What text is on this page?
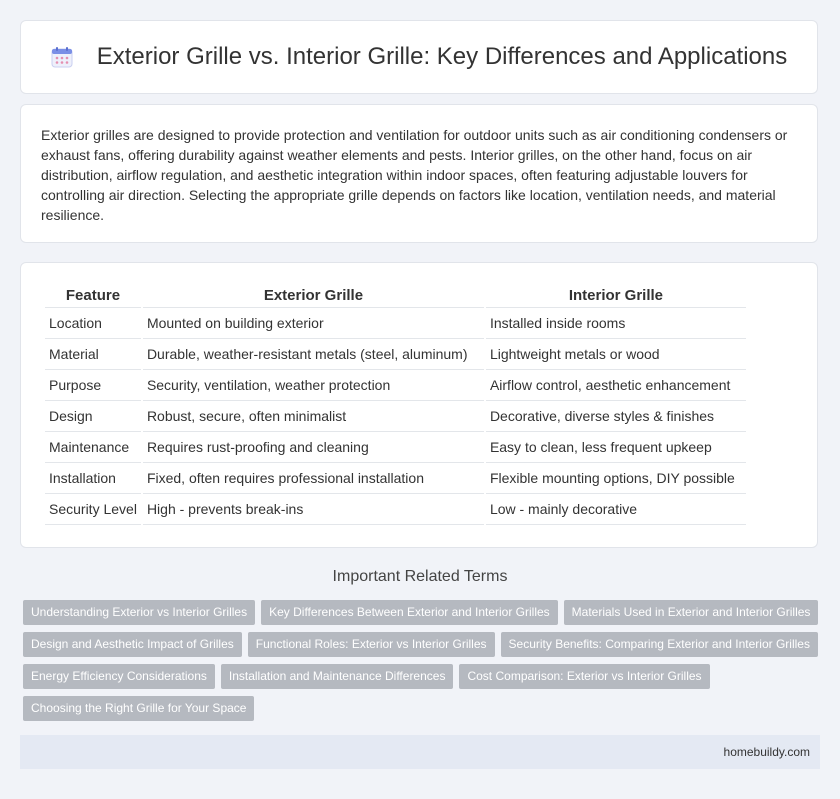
Exterior Grille vs. Interior Grille: Key Differences and Applications

Exterior grilles are designed to provide protection and ventilation for outdoor units such as air conditioning condensers or exhaust fans, offering durability against weather elements and pests. Interior grilles, on the other hand, focus on air distribution, airflow regulation, and aesthetic integration within indoor spaces, often featuring adjustable louvers for controlling air direction. Selecting the appropriate grille depends on factors like location, ventilation needs, and material resilience.

Feature	Exterior Grille	Interior Grille
Location	Mounted on building exterior	Installed inside rooms
Material	Durable, weather-resistant metals (steel, aluminum)	Lightweight metals or wood
Purpose	Security, ventilation, weather protection	Airflow control, aesthetic enhancement
Design	Robust, secure, often minimalist	Decorative, diverse styles & finishes
Maintenance	Requires rust-proofing and cleaning	Easy to clean, less frequent upkeep
Installation	Fixed, often requires professional installation	Flexible mounting options, DIY possible
Security Level	High - prevents break-ins	Low - mainly decorative
Important Related Terms
Understanding Exterior vs Interior Grilles	Key Differences Between Exterior and Interior Grilles	Materials Used in Exterior and Interior Grilles
Design and Aesthetic Impact of Grilles	Functional Roles: Exterior vs Interior Grilles	Security Benefits: Comparing Exterior and Interior Grilles
Energy Efficiency Considerations	Installation and Maintenance Differences	Cost Comparison: Exterior vs Interior Grilles
Choosing the Right Grille for Your Space
homebuildy.com
